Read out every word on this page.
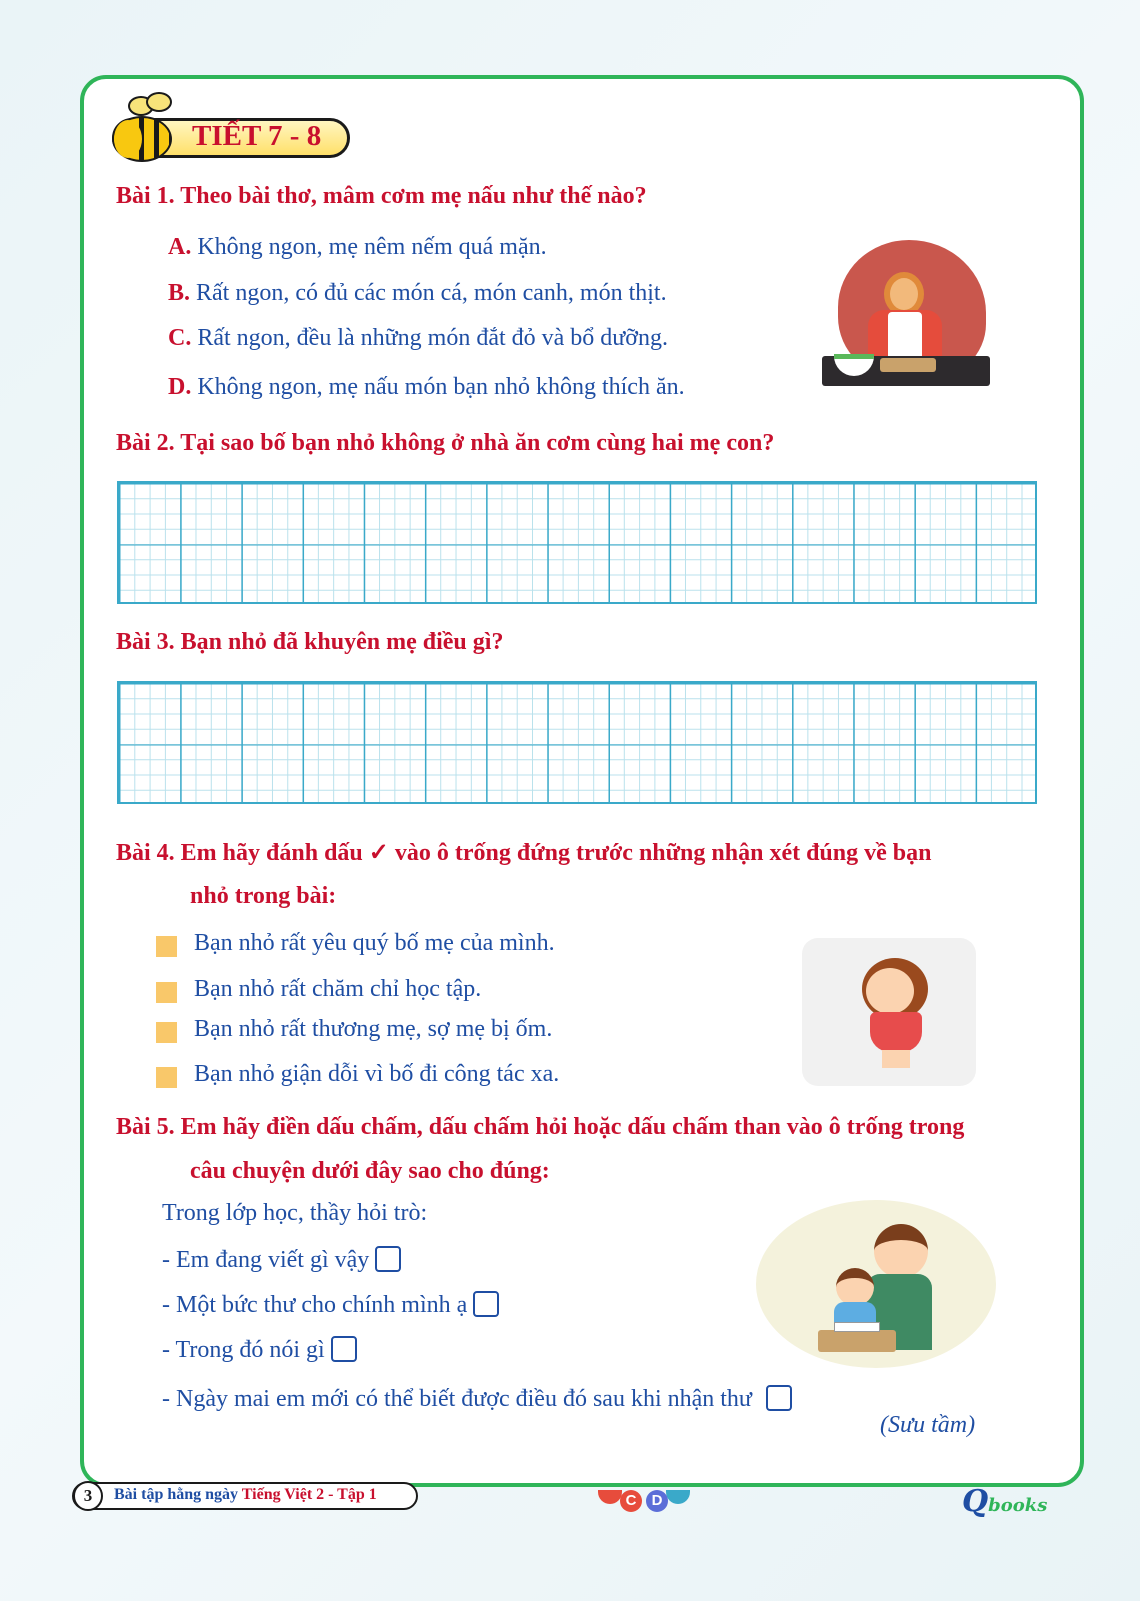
TIẾT 7 - 8
Bài 1. Theo bài thơ, mâm cơm mẹ nấu như thế nào?
A. Không ngon, mẹ nêm nếm quá mặn.
B. Rất ngon, có đủ các món cá, món canh, món thịt.
C. Rất ngon, đều là những món đắt đỏ và bổ dưỡng.
D. Không ngon, mẹ nấu món bạn nhỏ không thích ăn.
Bài 2. Tại sao bố bạn nhỏ không ở nhà ăn cơm cùng hai mẹ con?
Bài 3. Bạn nhỏ đã khuyên mẹ điều gì?
Bài 4. Em hãy đánh dấu ✓ vào ô trống đứng trước những nhận xét đúng về bạn
nhỏ trong bài:
Bạn nhỏ rất yêu quý bố mẹ của mình.
Bạn nhỏ rất chăm chỉ học tập.
Bạn nhỏ rất thương mẹ, sợ mẹ bị ốm.
Bạn nhỏ giận dỗi vì bố đi công tác xa.
Bài 5. Em hãy điền dấu chấm, dấu chấm hỏi hoặc dấu chấm than vào ô trống trong
câu chuyện dưới đây sao cho đúng:
Trong lớp học, thầy hỏi trò:
- Em đang viết gì vậy
- Một bức thư cho chính mình ạ
- Trong đó nói gì
- Ngày mai em mới có thể biết được điều đó sau khi nhận thư
(Sưu tầm)
3	Bài tập hằng ngày Tiếng Việt 2 - Tập 1	C	D	Qbooks
